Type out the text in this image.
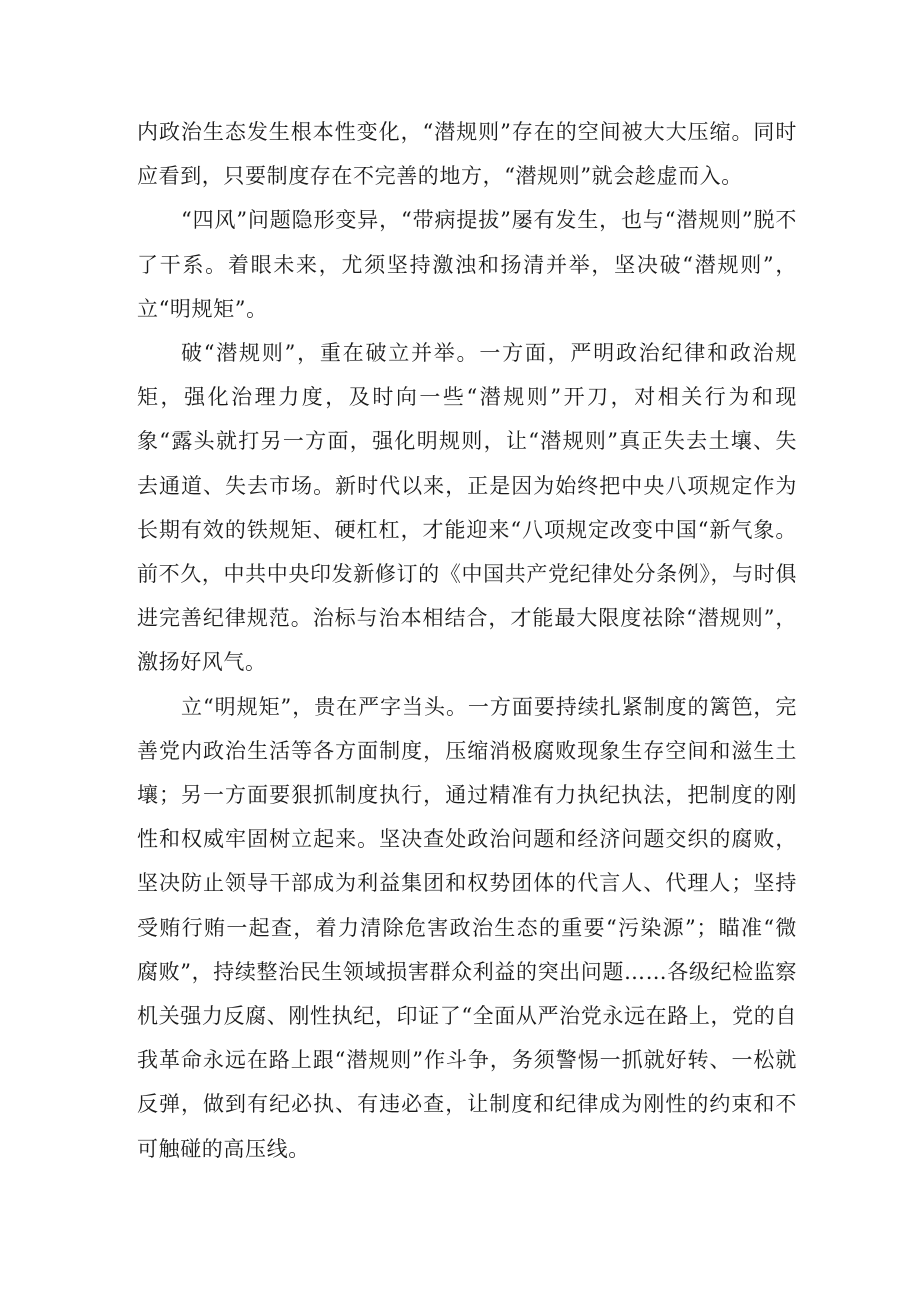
内政治生态发生根本性变化，“潜规则”存在的空间被大大压缩。同时应看到，只要制度存在不完善的地方，“潜规则”就会趁虚而入。

“四风”问题隐形变异，“带病提拔”屡有发生，也与“潜规则”脱不了干系。着眼未来，尤须坚持激浊和扬清并举，坚决破“潜规则”，立“明规矩”。

破“潜规则”，重在破立并举。一方面，严明政治纪律和政治规矩，强化治理力度，及时向一些“潜规则”开刀，对相关行为和现象“露头就打另一方面，强化明规则，让“潜规则”真正失去土壤、失去通道、失去市场。新时代以来，正是因为始终把中央八项规定作为长期有效的铁规矩、硬杠杠，才能迎来“八项规定改变中国“新气象。前不久，中共中央印发新修订的《中国共产党纪律处分条例》，与时俱进完善纪律规范。治标与治本相结合，才能最大限度祛除“潜规则”，激扬好风气。

立“明规矩”，贵在严字当头。一方面要持续扎紧制度的篱笆，完善党内政治生活等各方面制度，压缩消极腐败现象生存空间和滋生土壤；另一方面要狠抓制度执行，通过精准有力执纪执法，把制度的刚性和权威牢固树立起来。坚决查处政治问题和经济问题交织的腐败，坚决防止领导干部成为利益集团和权势团体的代言人、代理人；坚持受贿行贿一起查，着力清除危害政治生态的重要“污染源”；瞄准“微腐败”，持续整治民生领域损害群众利益的突出问题……各级纪检监察机关强力反腐、刚性执纪，印证了“全面从严治党永远在路上，党的自我革命永远在路上跟“潜规则”作斗争，务须警惕一抓就好转、一松就反弹，做到有纪必执、有违必查，让制度和纪律成为刚性的约束和不可触碰的高压线。
